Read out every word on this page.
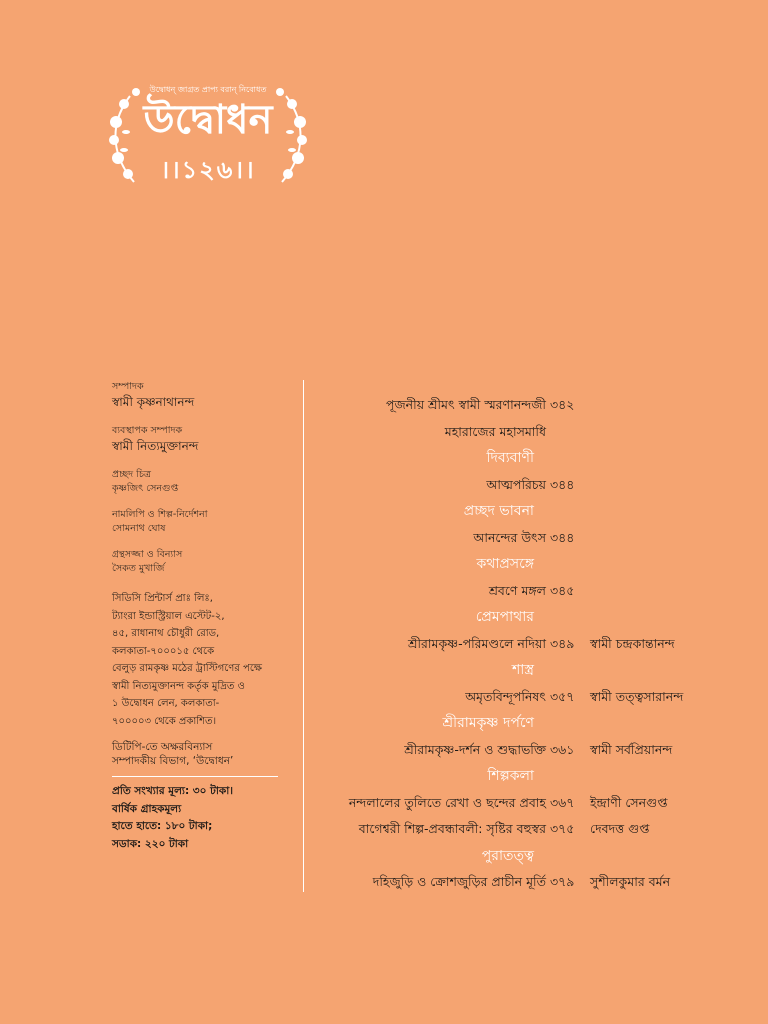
উদ্বোধন্ জাগ্রত প্রাপ্য বরান্ নিবোধত
উদ্বোধন
।।১২৬।।
সম্পাদক
স্বামী কৃষ্ণনাথানন্দ
ব্যবস্থাপক সম্পাদক
স্বামী নিত্যমুক্তানন্দ
প্রচ্ছদ চিত্র
কৃষ্ণজিৎ সেনগুপ্ত
নামলিপি ও শিল্প-নির্দেশনা
সোমনাথ ঘোষ
গ্রন্থসজ্জা ও বিন্যাস
সৈকত মুখার্জি
সিডিসি প্রিন্টার্স প্রাঃ লিঃ,
ট্যাংরা ইন্ডাস্ট্রিয়াল এস্টেট-২,
৪৫, রাধানাথ চৌধুরী রোড,
কলকাতা-৭০০০১৫ থেকে
বেলুড় রামকৃষ্ণ মঠের ট্রাস্টিগণের পক্ষে
স্বামী নিত্যমুক্তানন্দ কর্তৃক মুদ্রিত ও
১ উদ্বোধন লেন, কলকাতা-
৭০০০০৩ থেকে প্রকাশিত।
ডিটিপি-তে অক্ষরবিন্যাস
সম্পাদকীয় বিভাগ, ‘উদ্বোধন’
প্রতি সংখ্যার মূল্য: ৩০ টাকা।
বার্ষিক গ্রাহকমূল্য
হাতে হাতে: ১৮০ টাকা;
সডাক: ২২০ টাকা
পূজনীয় শ্রীমৎ স্বামী স্মরণানন্দজী ৩৪২
মহারাজের মহাসমাধি
দিব্যবাণী
আত্মপরিচয় ৩৪৪
প্রচ্ছদ ভাবনা
আনন্দের উৎস ৩৪৪
কথাপ্রসঙ্গে
শ্রবণে মঙ্গল ৩৪৫
প্রেমপাথার
শ্রীরামকৃষ্ণ-পরিমণ্ডলে নদিয়া ৩৪৯ স্বামী চন্দ্রকান্তানন্দ
শাস্ত্র
অমৃতবিন্দূপনিষৎ ৩৫৭ স্বামী তত্ত্বসারানন্দ
শ্রীরামকৃষ্ণ দর্পণে
শ্রীরামকৃষ্ণ-দর্শন ও শুদ্ধাভক্তি ৩৬১ স্বামী সর্বপ্রিয়ানন্দ
শিল্পকলা
নন্দলালের তুলিতে রেখা ও ছন্দের প্রবাহ ৩৬৭ ইন্দ্রাণী সেনগুপ্ত
বাগেশ্বরী শিল্প-প্রবন্ধাবলী: সৃষ্টির বহুস্বর ৩৭৫ দেবদত্ত গুপ্ত
পুরাতত্ত্ব
দহিজুড়ি ও ক্রোশজুড়ির প্রাচীন মূর্তি ৩৭৯ সুশীলকুমার বর্মন
